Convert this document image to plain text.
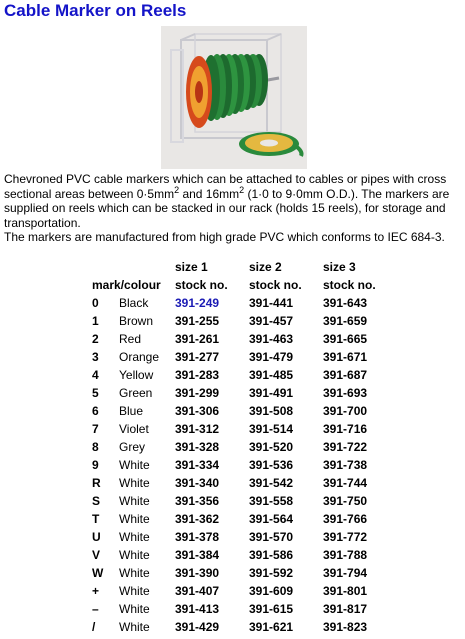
Cable Marker on Reels

Chevroned PVC cable markers which can be attached to cables or pipes with cross

sectional areas between $0\cdot 5mm^2$ and $16mm^2$ (1·0 to 9·0mm O.D.). The markers are

supplied on reels which can be stacked in our rack (holds 15 reels), for storage and

transportation.

The markers are manufactured from high grade PVC which conforms to IEC 684-3.

		size 1	size 2	size 3
mark/colour		stock no.	stock no.	stock no.
0	Black	391-249	391-441	391-643
1	Brown	391-255	391-457	391-659
2	Red	391-261	391-463	391-665
3	Orange	391-277	391-479	391-671
4	Yellow	391-283	391-485	391-687
5	Green	391-299	391-491	391-693
6	Blue	391-306	391-508	391-700
7	Violet	391-312	391-514	391-716
8	Grey	391-328	391-520	391-722
9	White	391-334	391-536	391-738
R	White	391-340	391-542	391-744
S	White	391-356	391-558	391-750
T	White	391-362	391-564	391-766
U	White	391-378	391-570	391-772
V	White	391-384	391-586	391-788
W	White	391-390	391-592	391-794
+	White	391-407	391-609	391-801
–	White	391-413	391-615	391-817
/	White	391-429	391-621	391-823
